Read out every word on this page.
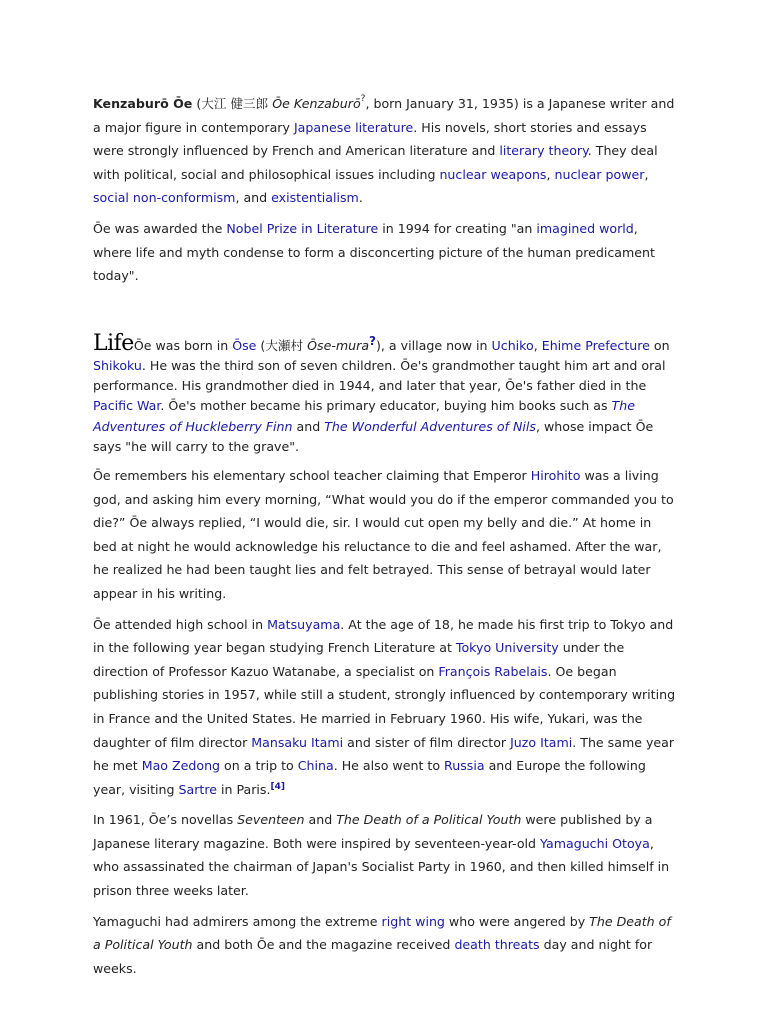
Kenzaburō Ōe (大江 健三郎 Ōe Kenzaburō?, born January 31, 1935) is a Japanese writer and a major figure in contemporary Japanese literature. His novels, short stories and essays were strongly influenced by French and American literature and literary theory. They deal with political, social and philosophical issues including nuclear weapons, nuclear power, social non-conformism, and existentialism.

Ōe was awarded the Nobel Prize in Literature in 1994 for creating "an imagined world, where life and myth condense to form a disconcerting picture of the human predicament today".

LifeŌe was born in Ōse (大瀬村 Ōse-mura?), a village now in Uchiko, Ehime Prefecture on Shikoku. He was the third son of seven children. Ōe's grandmother taught him art and oral performance. His grandmother died in 1944, and later that year, Ōe's father died in the Pacific War. Ōe's mother became his primary educator, buying him books such as The Adventures of Huckleberry Finn and The Wonderful Adventures of Nils, whose impact Ōe says "he will carry to the grave".

Ōe remembers his elementary school teacher claiming that Emperor Hirohito was a living god, and asking him every morning, “What would you do if the emperor commanded you to die?” Ōe always replied, “I would die, sir. I would cut open my belly and die.” At home in bed at night he would acknowledge his reluctance to die and feel ashamed. After the war, he realized he had been taught lies and felt betrayed. This sense of betrayal would later appear in his writing.

Ōe attended high school in Matsuyama. At the age of 18, he made his first trip to Tokyo and in the following year began studying French Literature at Tokyo University under the direction of Professor Kazuo Watanabe, a specialist on François Rabelais. Oe began publishing stories in 1957, while still a student, strongly influenced by contemporary writing in France and the United States. He married in February 1960. His wife, Yukari, was the daughter of film director Mansaku Itami and sister of film director Juzo Itami. The same year he met Mao Zedong on a trip to China. He also went to Russia and Europe the following year, visiting Sartre in Paris.[4]

In 1961, Ōe’s novellas Seventeen and The Death of a Political Youth were published by a Japanese literary magazine. Both were inspired by seventeen-year-old Yamaguchi Otoya, who assassinated the chairman of Japan's Socialist Party in 1960, and then killed himself in prison three weeks later.

Yamaguchi had admirers among the extreme right wing who were angered by The Death of a Political Youth and both Ōe and the magazine received death threats day and night for weeks.
